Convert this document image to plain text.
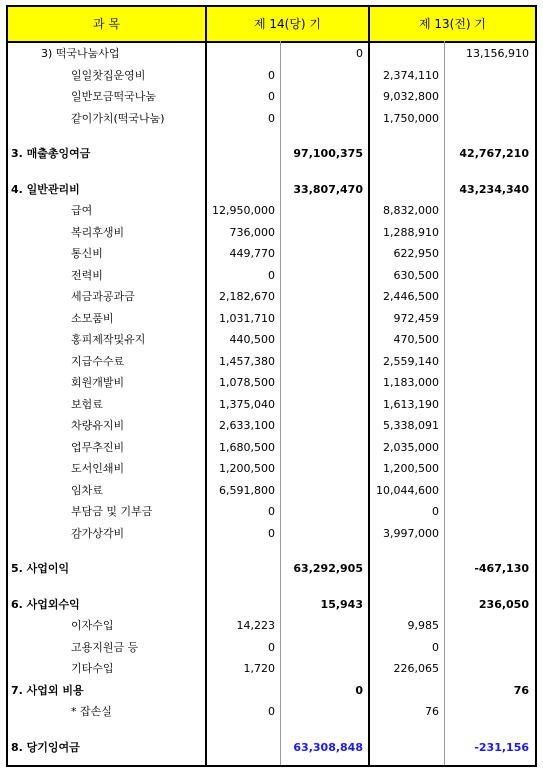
과 목	제 14(당) 기	제 13(전) 기
3) 떡국나눔사업	0	13,156,910
일일찻집운영비	0	2,374,110
일반모금떡국나눔	0	9,032,800
같이가치(떡국나눔)	0	1,750,000
3. 매출총잉여금	97,100,375	42,767,210
4. 일반관리비	33,807,470	43,234,340
급여	12,950,000	8,832,000
복리후생비	736,000	1,288,910
통신비	449,770	622,950
전력비	0	630,500
세금과공과금	2,182,670	2,446,500
소모품비	1,031,710	972,459
홍피제작및유지	440,500	470,500
지급수수료	1,457,380	2,559,140
회원개발비	1,078,500	1,183,000
보험료	1,375,040	1,613,190
차량유지비	2,633,100	5,338,091
업무추진비	1,680,500	2,035,000
도서인쇄비	1,200,500	1,200,500
임차료	6,591,800	10,044,600
부담금 및 기부금	0	0
감가상각비	0	3,997,000
5. 사업이익	63,292,905	-467,130
6. 사업외수익	15,943	236,050
이자수입	14,223	9,985
고용지원금 등	0	0
기타수입	1,720	226,065
7. 사업외 비용	0	76
* 잡손실	0	76
8. 당기잉여금	63,308,848	-231,156
